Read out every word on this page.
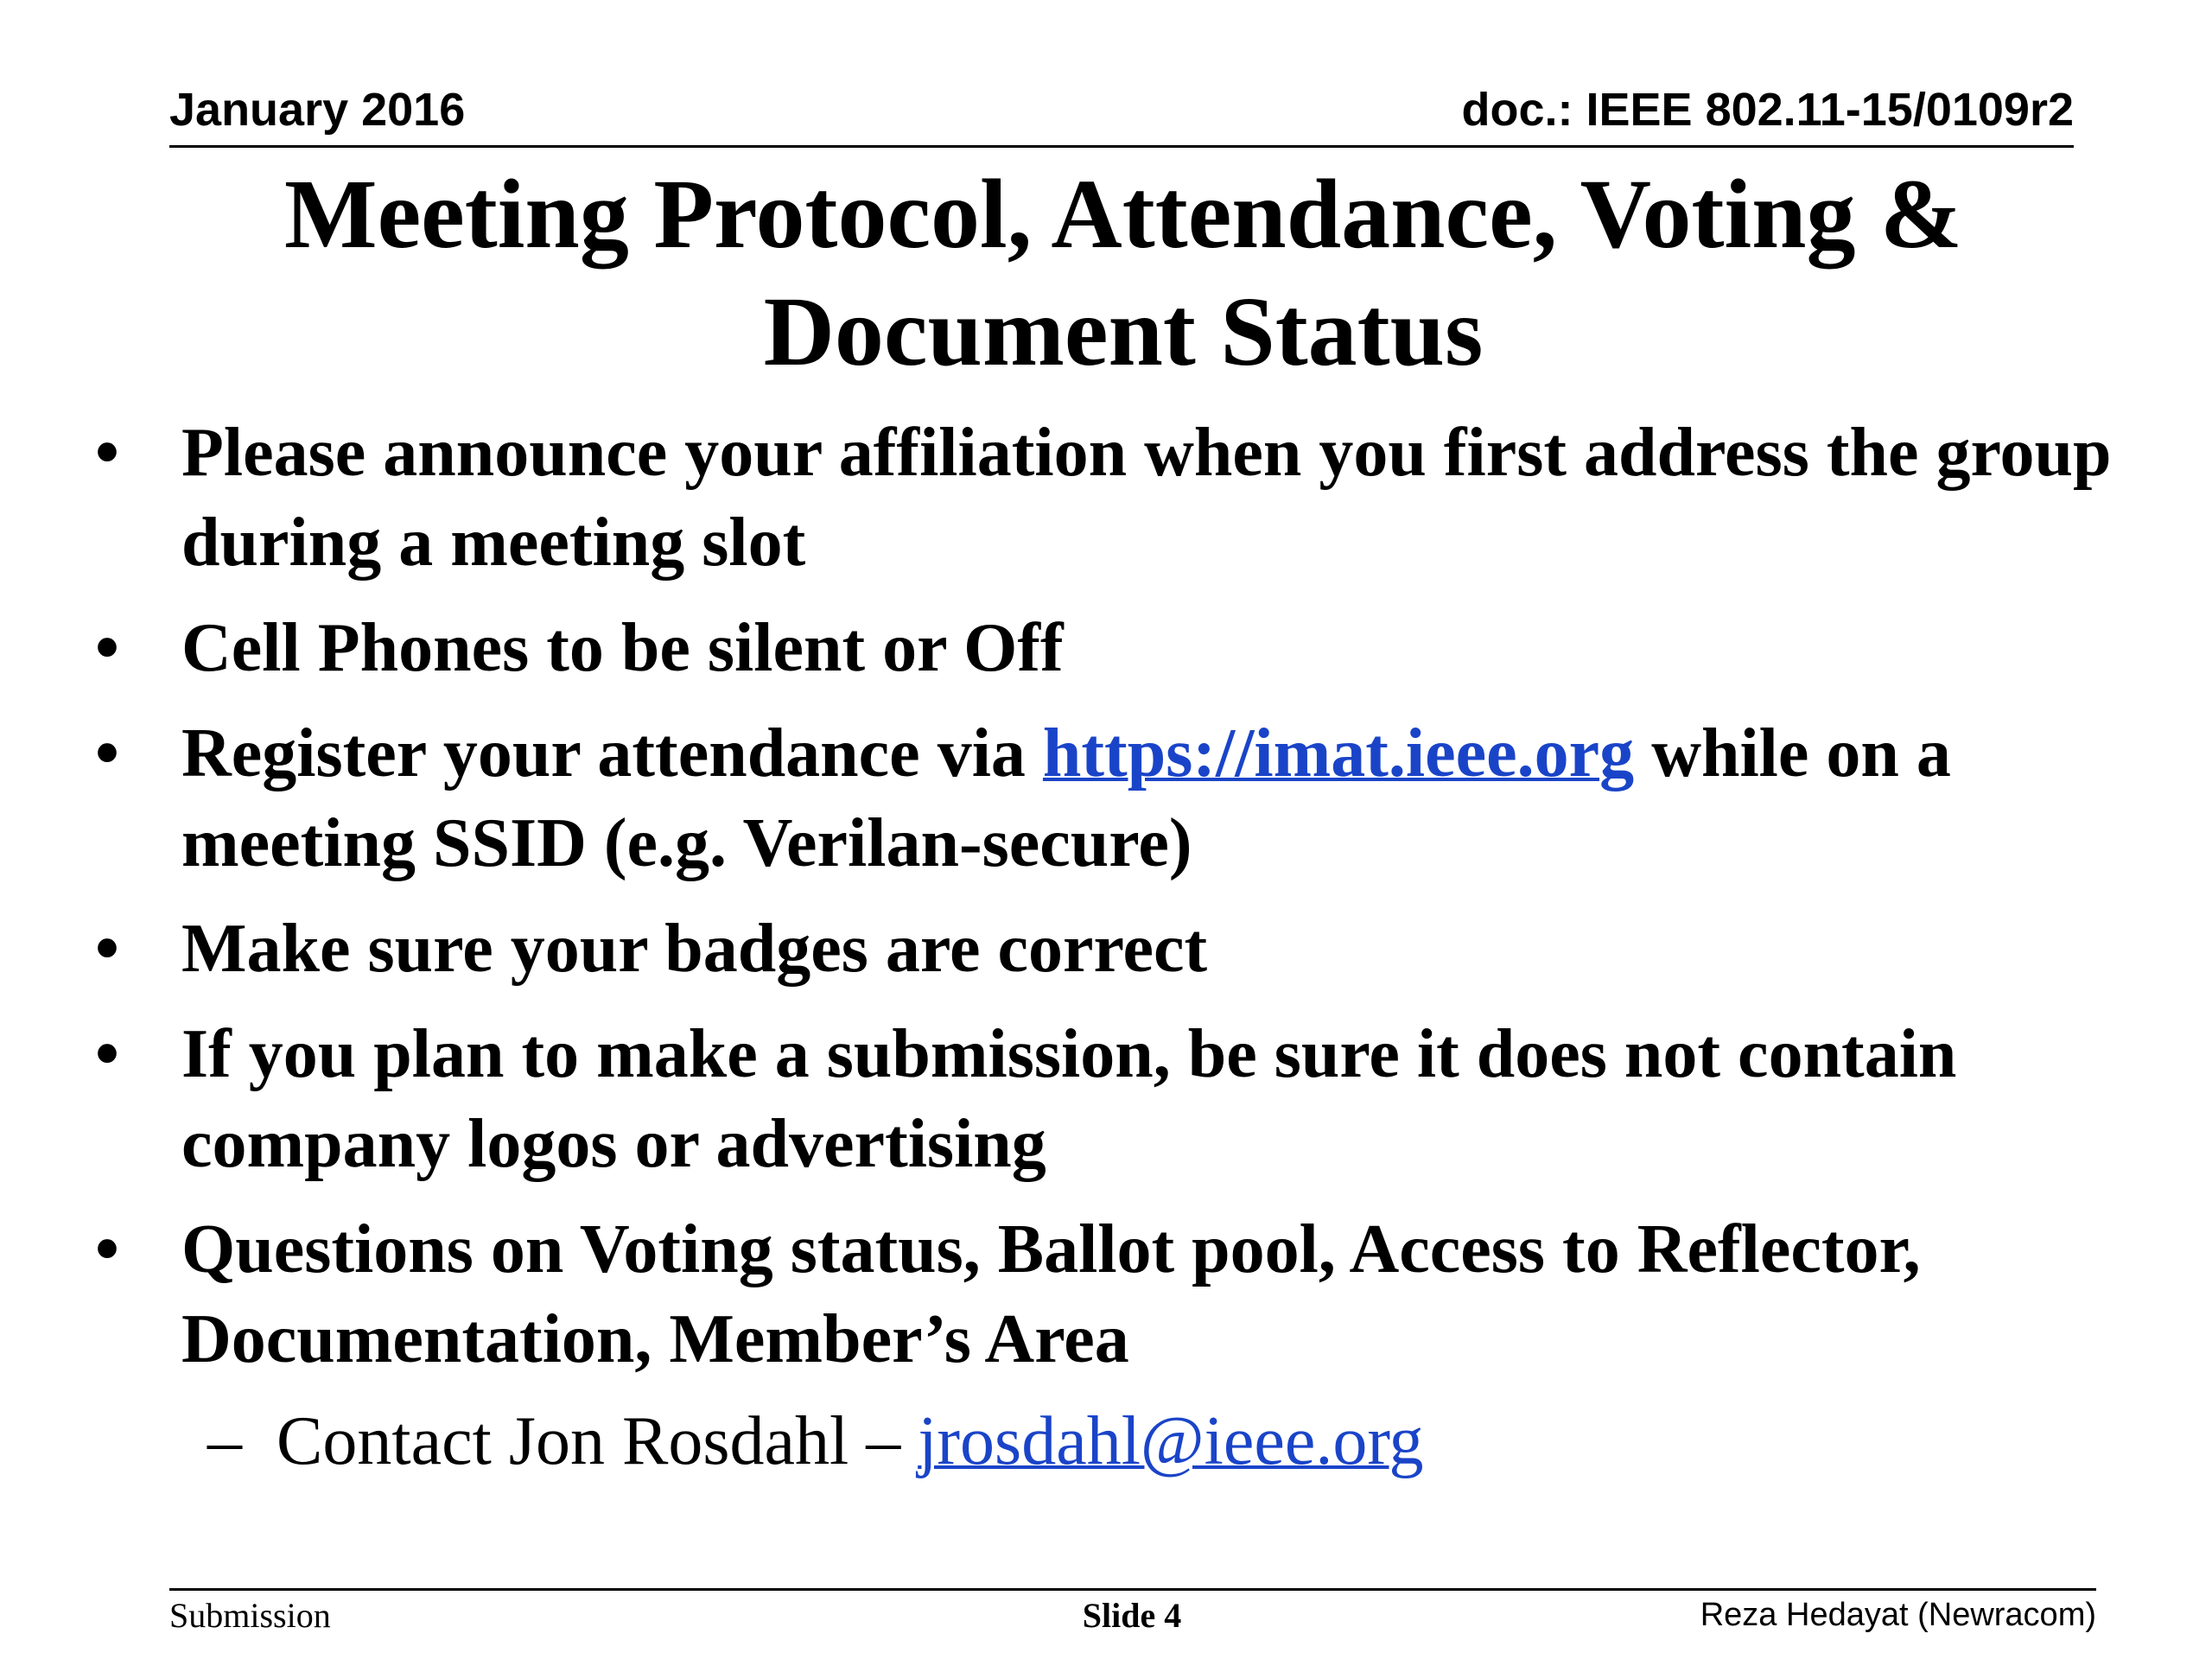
January 2016	doc.: IEEE 802.11-15/0109r2
Meeting Protocol, Attendance, Voting &
Document Status
• Please announce your affiliation when you first address the group during a meeting slot
• Cell Phones to be silent or Off
• Register your attendance via https://imat.ieee.org while on a meeting SSID (e.g. Verilan-secure)
• Make sure your badges are correct
• If you plan to make a submission, be sure it does not contain company logos or advertising
• Questions on Voting status, Ballot pool, Access to Reflector, Documentation, Member’s Area
– Contact Jon Rosdahl – jrosdahl@ieee.org
Submission	Slide 4	Reza Hedayat (Newracom)
